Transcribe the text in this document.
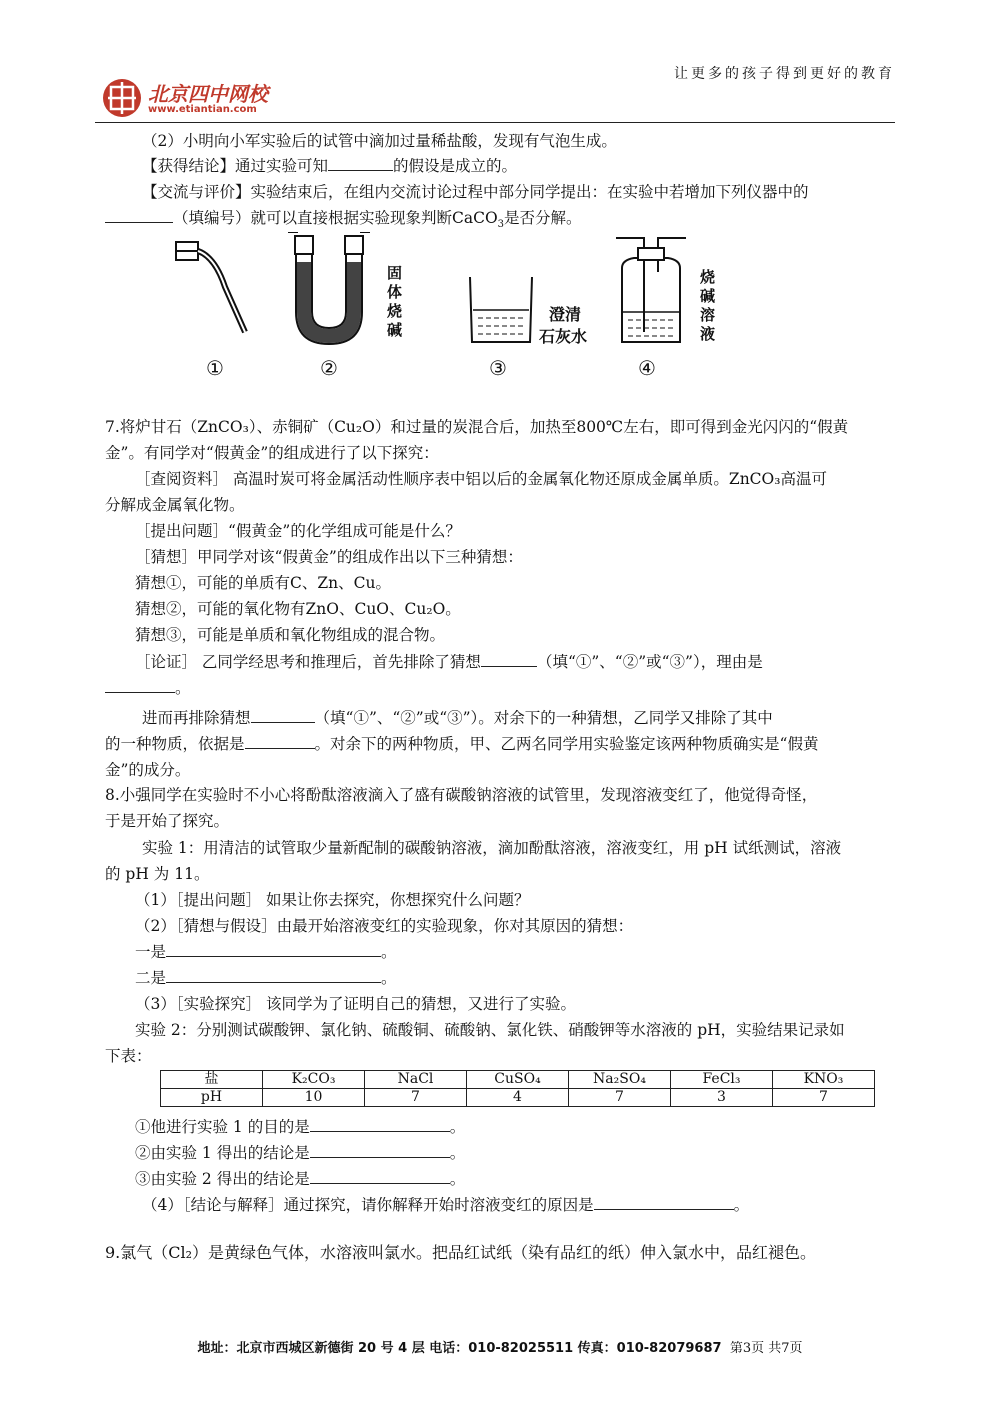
北京四中网校
www.etiantian.com
让更多的孩子得到更好的教育
（2）小明向小军实验后的试管中滴加过量稀盐酸，发现有气泡生成。
【获得结论】通过实验可知	的假设是成立的。
【交流与评价】实验结束后，在组内交流讨论过程中部分同学提出：在实验中若增加下列仪器中的
（填编号）就可以直接根据实验现象判断CaCO$_3$是否分解。
固
体
烧
碱
澄清
石灰水
烧
碱
溶
液
①	②	③	④
7.将炉甘石（ZnCO₃）、赤铜矿（Cu₂O）和过量的炭混合后，加热至800℃左右，即可得到金光闪闪的“假黄
金”。有同学对“假黄金”的组成进行了以下探究：
［查阅资料］ 高温时炭可将金属活动性顺序表中铝以后的金属氧化物还原成金属单质。ZnCO₃高温可
分解成金属氧化物。
［提出问题］“假黄金”的化学组成可能是什么？
［猜想］甲同学对该“假黄金”的组成作出以下三种猜想：
猜想①，可能的单质有C、Zn、Cu。
猜想②，可能的氧化物有ZnO、CuO、Cu₂O。
猜想③，可能是单质和氧化物组成的混合物。
［论证］ 乙同学经思考和推理后，首先排除了猜想	（填“①”、“②”或“③”），理由是
。
进而再排除猜想	（填“①”、“②”或“③”）。对余下的一种猜想，乙同学又排除了其中
的一种物质，依据是	。对余下的两种物质，甲、乙两名同学用实验鉴定该两种物质确实是“假黄
金”的成分。
8.小强同学在实验时不小心将酚酞溶液滴入了盛有碳酸钠溶液的试管里，发现溶液变红了，他觉得奇怪，
于是开始了探究。
实验 1：用清洁的试管取少量新配制的碳酸钠溶液，滴加酚酞溶液，溶液变红，用 pH 试纸测试，溶液
的 pH 为 11。
（1）［提出问题］ 如果让你去探究，你想探究什么问题？
（2）［猜想与假设］由最开始溶液变红的实验现象，你对其原因的猜想：
一是	。
二是	。
（3）［实验探究］ 该同学为了证明自己的猜想，又进行了实验。
实验 2：分别测试碳酸钾、氯化钠、硫酸铜、硫酸钠、氯化铁、硝酸钾等水溶液的 pH，实验结果记录如
下表：
盐	K₂CO₃	NaCl	CuSO₄	Na₂SO₄	FeCl₃	KNO₃
pH	10	7	4	7	3	7
①他进行实验 1 的目的是	。
②由实验 1 得出的结论是	。
③由实验 2 得出的结论是	。
（4）［结论与解释］通过探究，请你解释开始时溶液变红的原因是	。
9.氯气（Cl₂）是黄绿色气体，水溶液叫氯水。把品红试纸（染有品红的纸）伸入氯水中，品红褪色。
地址：北京市西城区新德街 20 号 4 层 电话：010-82025511 传真：010-82079687 第3页 共7页
